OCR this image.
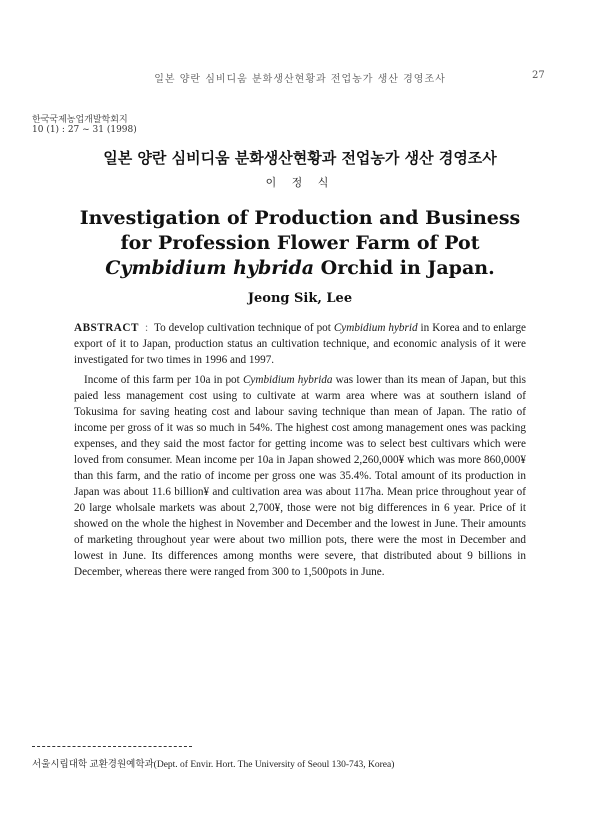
일본 양란 심비디움 분화생산현황과 전업농가 생산 경영조사	27
한국국제농업개발학회지
10 (1) : 27 ~ 31 (1998)
일본 양란 심비디움 분화생산현황과 전업농가 생산 경영조사
이 정 식
Investigation of Production and Business
for Profession Flower Farm of Pot
Cymbidium hybrida Orchid in Japan.
Jeong Sik, Lee

ABSTRACT : To develop cultivation technique of pot Cymbidium hybrid in Korea and to enlarge export of it to Japan, production status an cultivation technique, and economic analysis of it were investigated for two times in 1996 and 1997.

Income of this farm per 10a in pot Cymbidium hybrida was lower than its mean of Japan, but this paied less management cost using to cultivate at warm area where was at southern island of Tokusima for saving heating cost and labour saving technique than mean of Japan. The ratio of income per gross of it was so much in 54%. The highest cost among management ones was packing expenses, and they said the most factor for getting income was to select best cultivars which were loved from consumer. Mean income per 10a in Japan showed 2,260,000¥ which was more 860,000¥ than this farm, and the ratio of income per gross one was 35.4%. Total amount of its production in Japan was about 11.6 billion¥ and cultivation area was about 117ha. Mean price throughout year of 20 large wholsale markets was about 2,700¥, those were not big differences in 6 year. Price of it showed on the whole the highest in November and December and the lowest in June. Their amounts of marketing throughout year were about two million pots, there were the most in December and lowest in June. Its differences among months were severe, that distributed about 9 billions in December, whereas there were ranged from 300 to 1,500pots in June.

서울시립대학 교환경원예학과(Dept. of Envir. Hort. The University of Seoul 130-743, Korea)
